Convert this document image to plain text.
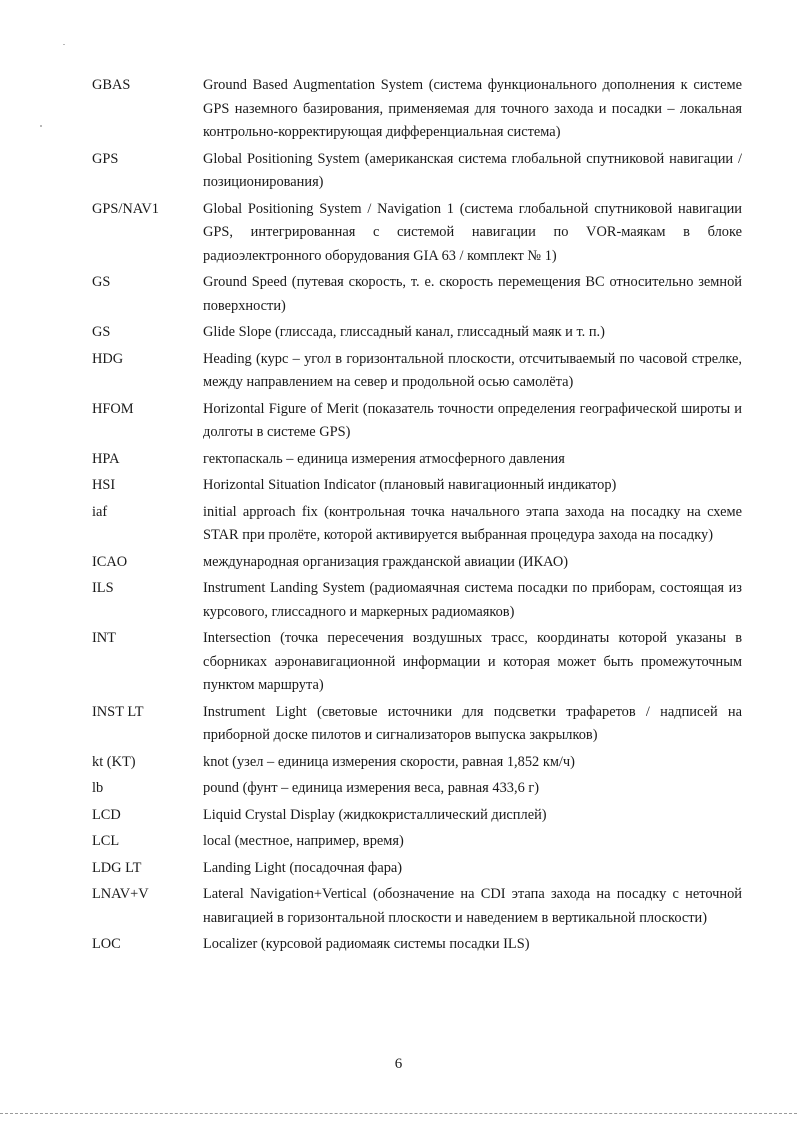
GBAS	Ground Based Augmentation System (система функционального дополнения к системе GPS наземного базирования, применяемая для точного захода и посадки – локальная контрольно-корректирующая дифференциальная система)
GPS	Global Positioning System (американская система глобальной спутниковой навигации / позиционирования)
GPS/NAV1	Global Positioning System / Navigation 1 (система глобальной спутниковой навигации GPS, интегрированная с системой навигации по VOR-маякам в блоке радиоэлектронного оборудования GIA 63 / комплект № 1)
GS	Ground Speed (путевая скорость, т. е. скорость перемещения ВС относительно земной поверхности)
GS	Glide Slope (глиссада, глиссадный канал, глиссадный маяк и т. п.)
HDG	Heading (курс – угол в горизонтальной плоскости, отсчитываемый по часовой стрелке, между направлением на север и продольной осью самолёта)
HFOM	Horizontal Figure of Merit (показатель точности определения географической широты и долготы в системе GPS)
HPA	гектопаскаль – единица измерения атмосферного давления
HSI	Horizontal Situation Indicator (плановый навигационный индикатор)
iaf	initial approach fix (контрольная точка начального этапа захода на посадку на схеме STAR при пролёте, которой активируется выбранная процедура захода на посадку)
ICAO	международная организация гражданской авиации (ИКАО)
ILS	Instrument Landing System (радиомаячная система посадки по приборам, состоящая из курсового, глиссадного и маркерных радиомаяков)
INT	Intersection (точка пересечения воздушных трасс, координаты которой указаны в сборниках аэронавигационной информации и которая может быть промежуточным пунктом маршрута)
INST LT	Instrument Light (световые источники для подсветки трафаретов / надписей на приборной доске пилотов и сигнализаторов выпуска закрылков)
kt (KT)	knot (узел – единица измерения скорости, равная 1,852 км/ч)
lb	pound (фунт – единица измерения веса, равная 433,6 г)
LCD	Liquid Crystal Display (жидкокристаллический дисплей)
LCL	local (местное, например, время)
LDG LT	Landing Light (посадочная фара)
LNAV+V	Lateral Navigation+Vertical (обозначение на CDI этапа захода на посадку с неточной навигацией в горизонтальной плоскости и наведением в вертикальной плоскости)
LOC	Localizer (курсовой радиомаяк системы посадки ILS)
6
